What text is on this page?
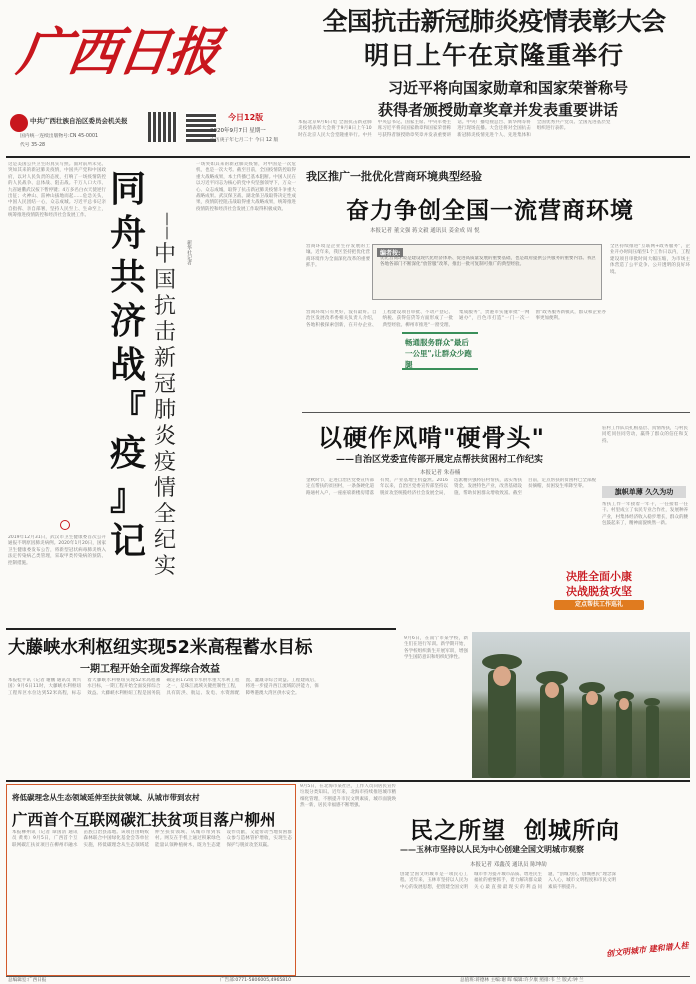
广西日报
中共广西壮族自治区委员会机关报
国内统一连续出版物号:CN 45-0001
代号 35-28
今日12版
2020年9月7日 星期一
农历庚子年七月二十 今日 12 版
全国抗击新冠肺炎疫情表彰大会
明日上午在京隆重举行
习近平将向国家勋章和国家荣誉称号
获得者颁授勋章奖章并发表重要讲话
本报北京9月6日电 全国抗击新冠肺炎疫情表彰大会将于9月8日上午10时在北京人民大会堂隆重举行。中共中央总书记、国家主席、中央军委主席习近平将向国家勋章和国家荣誉称号获得者颁授勋章奖章并发表重要讲话。中央广播电视总台、新华网等将进行现场直播。大会还将对全国抗击新冠肺炎疫情先进个人、先进集体和全国优秀共产党员、全国先进基层党组织进行表彰。
这是美国公共卫生的真实写照。面对前所未见、突如其来的新冠肺炎疫情，中国共产党和中国政府，以对人民负责的态度，打响了一场疫情防控的人民战争、总体战、阻击战。千万人口大市、九省通衢武汉按下暂停键；4万多名白衣天使逆行出征；火神山、雷神山拔地而起……危急关头，中国人民团结一心，众志成城。习近平总书记亲自指挥、亲自部署，坚持人民至上、生命至上，统筹推进疫情防控和经济社会发展工作。
2019年12月31日，武汉市卫生健康委首次公开通报不明原因肺炎病例。2020年1月20日，国家卫生健康委发布公告，将新型冠状病毒肺炎纳入法定传染病乙类管理，采取甲类传染病的预防、控制措施。
同
舟
共
济
战
『
疫
』
记
——
中
国
抗
击
新
冠
肺
炎
疫
情
全
纪
实
新华社记者
一场突如其来的新冠肺炎疫情，对中国是一次危机，也是一次大考。截至目前，全国疫情防控取得重大战略成果，本土传播已基本阻断。中国人民在以习近平同志为核心的党中央坚强领导下，万众一心、众志成城，取得了抗击新冠肺炎疫情斗争重大战略成果。武汉保卫战、湖北保卫战取得决定性成果，疫情防控阻击战取得重大战略成果，统筹推进疫情防控和经济社会发展工作取得积极成效。
我区推广一批优化营商环境典型经验
奋力争创全国一流营商环境
本报记者 董文强 蒋文毅 通讯员 姜金成 周 悦
编者按:
优化营商环境是建设现代化经济体系、促进高质量发展的重要基础，也是政府提供公共服务的重要内容。我区各地各部门不断深化“放管服”改革，推出一批可复制可推广的典型经验。
营商环境是企业生存发展的土壤。近年来，我区坚持把优化营商环境作为全面深化改革的重要抓手。
营商环境只有更好，没有最好。自治区发展改革委相关负责人介绍，各地积极探索创新，在开办企业、工程建设项目审批、不动产登记、纳税、获得信贷等方面形成了一批典型经验。柳州市推进“一窗受理、集成服务”，贵港市实施审批“一网通办”，百色市打造“一门一次一窗”政务服务新模式，群众和企业办事更加便利。
畅通服务群众"最后一公里",让群众少跑腿
全区持续推进“互联网+政务服务”，企业开办时间压缩至1个工作日以内，工程建设项目审批时间大幅压缩，为市场主体营造了公平竞争、公开透明的良好环境。
以硬作风啃"硬骨头"
——自治区党委宣传部开展定点帮扶贫困村工作纪实
本报记者 朱春楠
金秋时节，走进自治区党委宣传部定点帮扶的贫困村，一条条硬化道路通村入户，一座座崭新楼房错落有致，产业基地生机盎然。2016年以来，自治区党委宣传部坚持以脱贫攻坚统揽经济社会发展全局，选派精兵强将驻村帮扶，落实帮扶资金，发展特色产业，改善基础设施，帮助贫困群众增收致富。截至目前，定点帮扶的贫困村已全部脱贫摘帽，贫困发生率降至零。
旗帜单薄 久久为功
驻村工作队员扎根基层、真情帮扶，与村民同吃同住同劳动，赢得了群众的信任和支持。
帮扶工作一年接着一年干，一任接着一任干。村里成立了农民专业合作社，发展种养产业，村集体经济收入稳步增长，群众的腰包鼓起来了，精神面貌焕然一新。
决胜全面小康
决战脱贫攻坚
定点帮扶工作巡礼
大藤峡水利枢纽实现52米高程蓄水目标
一期工程开始全面发挥综合效益
本报桂平讯（记者 谢鹏 通讯员 黄兴国）9月6日11时，大藤峡水利枢纽工程库区水位达到52米高程，标志着大藤峡水利枢纽实现52米高程蓄水目标，一期工程开始全面发挥综合效益。大藤峡水利枢纽工程是国务院确定的172项节水供水重大水利工程之一，是珠江流域关键控制性工程，具有防洪、航运、发电、水资源配置、灌溉等综合效益。工程建成后，将进一步提升西江流域防洪能力，保障粤港澳大湾区供水安全。
9月6日，在南宁市某学校，新生们在进行军训。新学期开始，各学校组织新生开展军训，增强学生国防意识和组织纪律性。
将低碳理念从生态领域延伸至扶贫领域、从城市带到农村
广西首个互联网碳汇扶贫项目落户柳州
本报柳州讯（记者 谭国清 通讯员 黄勇）9月5日，广西首个互联网碳汇扶贫项目在柳州市融水苗族自治县落地。该项目由蚂蚁森林联合中国绿化基金会等单位实施，将低碳理念从生态领域延伸至扶贫领域、从城市带到农村。网友在手机上通过积累绿色能量认领种植树木，既为生态建设作贡献，又能带动当地贫困群众参与造林管护增收，实现生态保护与脱贫攻坚双赢。
9月5日，在北海市某社区，工作人员向居民宣传垃圾分类知识。近年来，北海市持续推进城市精细化管理，不断提升市民文明素质，城市面貌焕然一新，居民幸福感不断增强。
民之所望  创城所向
——玉林市坚持以人民为中心创建全国文明城市观察
本报记者 邓鑫茂 通讯员 陈坤劼
创建全国文明城市是一项民心工程。近年来，玉林市坚持以人民为中心的发展思想，把创建全国文明城市作为提升城市品质、增进民生福祉的重要抓手，着力解决群众最关心最直接最现实的利益问题，“创城为民、创城惠民”理念深入人心，城市文明程度和市民文明素质不断提升。
创文明城市 建和谐人桂
总编辑室:广西日报	广告部:0771-5806005,4965810	总值班:蒋德林 主编:谢 晖 编辑:许夕康 照排:韦 兰 版式:钟 兰
